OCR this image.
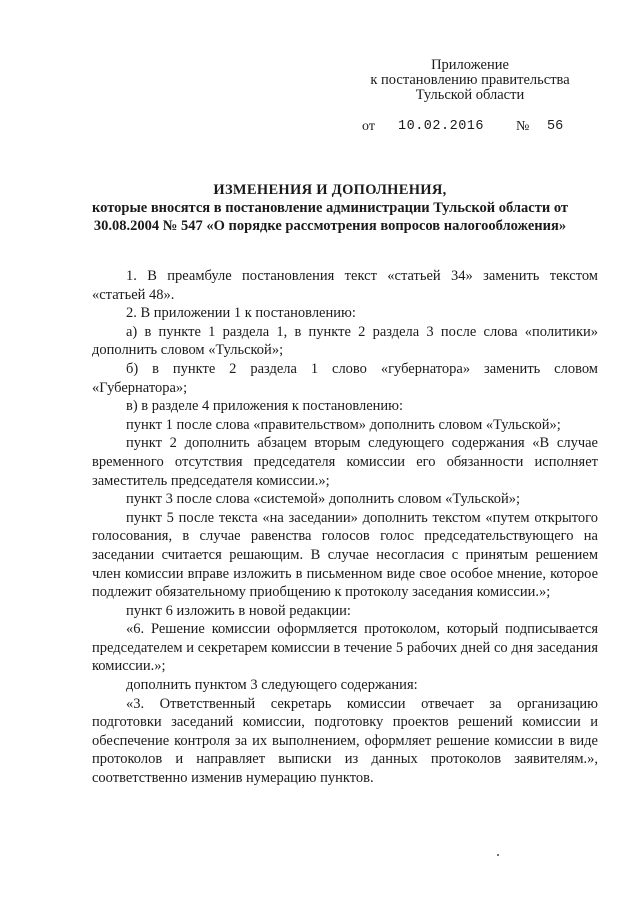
Приложение
к постановлению правительства
Тульской области
от 10.02.2016 № 56
ИЗМЕНЕНИЯ И ДОПОЛНЕНИЯ,
которые вносятся в постановление администрации Тульской области от 30.08.2004 № 547 «О порядке рассмотрения вопросов налогообложения»

1. В преамбуле постановления текст «статьей 34» заменить текстом «статьей 48».

2. В приложении 1 к постановлению:

а) в пункте 1 раздела 1, в пункте 2 раздела 3 после слова «политики» дополнить словом «Тульской»;

б) в пункте 2 раздела 1 слово «губернатора» заменить словом «Губернатора»;

в) в разделе 4 приложения к постановлению:

пункт 1 после слова «правительством» дополнить словом «Тульской»;

пункт 2 дополнить абзацем вторым следующего содержания «В случае временного отсутствия председателя комиссии его обязанности исполняет заместитель председателя комиссии.»;

пункт 3 после слова «системой» дополнить словом «Тульской»;

пункт 5 после текста «на заседании» дополнить текстом «путем открытого голосования, в случае равенства голосов голос председательствующего на заседании считается решающим. В случае несогласия с принятым решением член комиссии вправе изложить в письменном виде свое особое мнение, которое подлежит обязательному приобщению к протоколу заседания комиссии.»;

пункт 6 изложить в новой редакции:

«6. Решение комиссии оформляется протоколом, который подписывается председателем и секретарем комиссии в течение 5 рабочих дней со дня заседания комиссии.»;

дополнить пунктом 3 следующего содержания:

«3. Ответственный секретарь комиссии отвечает за организацию подготовки заседаний комиссии, подготовку проектов решений комиссии и обеспечение контроля за их выполнением, оформляет решение комиссии в виде протоколов и направляет выписки из данных протоколов заявителям.», соответственно изменив нумерацию пунктов.
